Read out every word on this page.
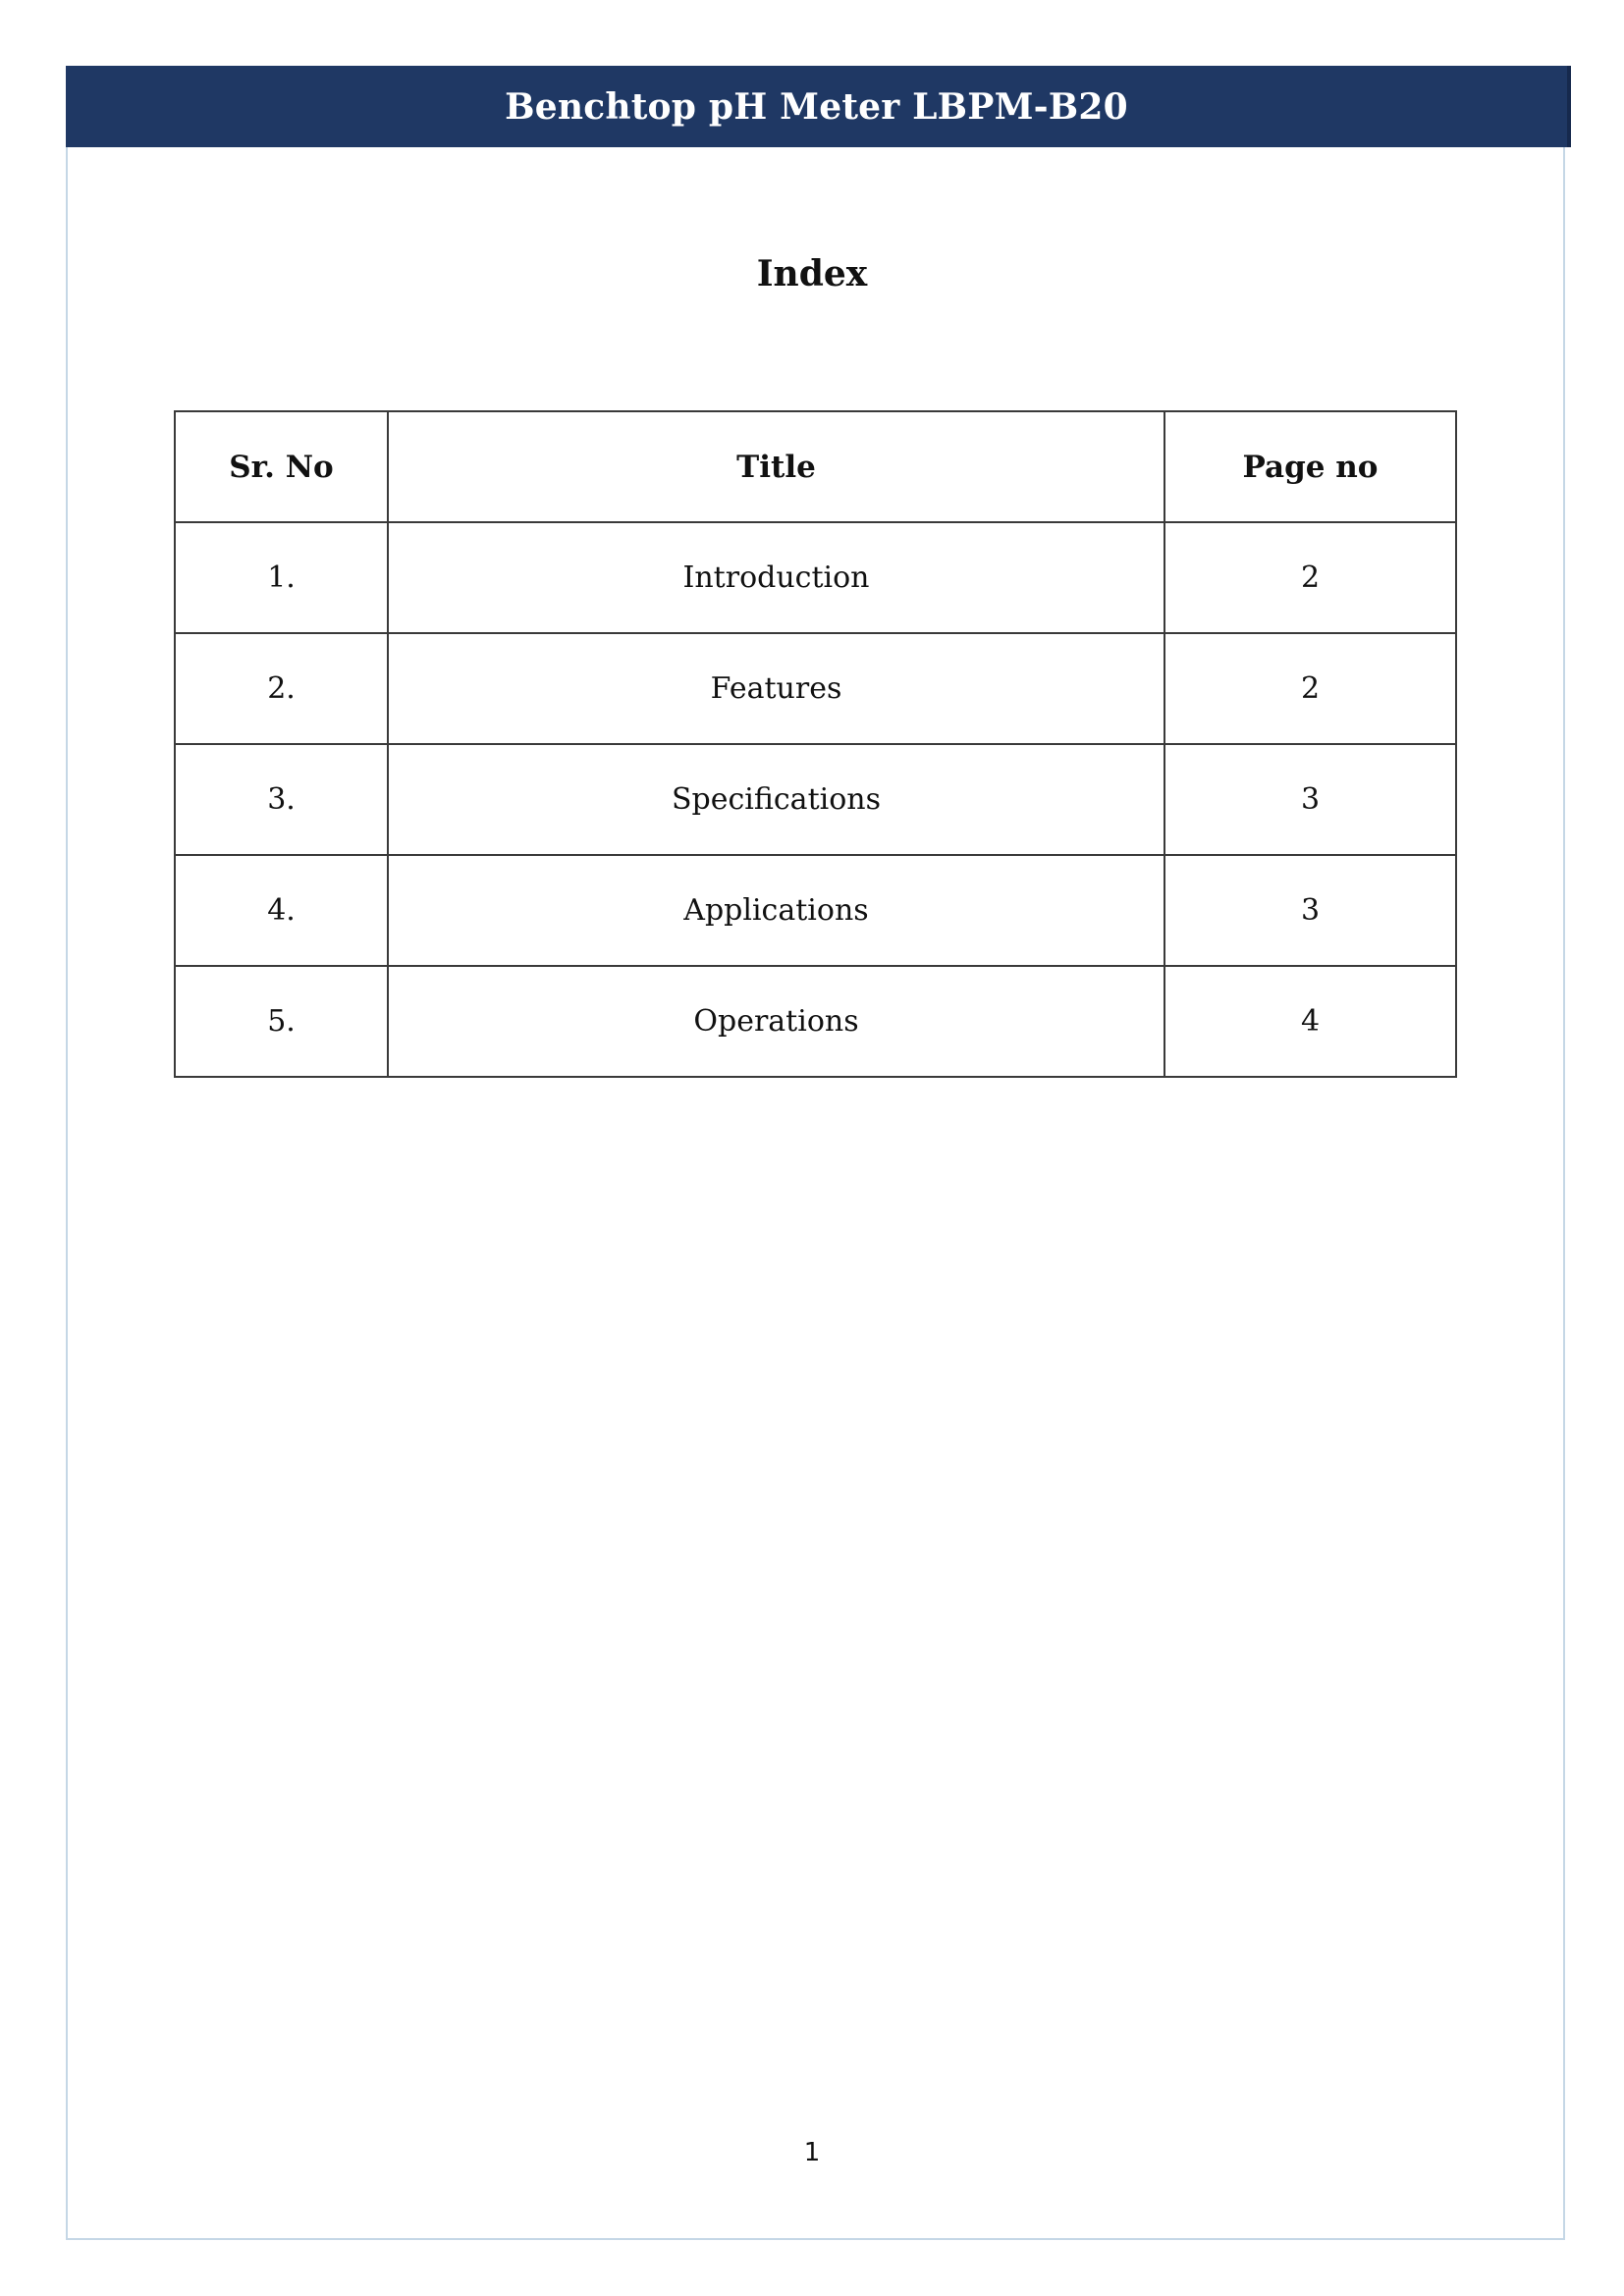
Benchtop pH Meter LBPM-B20
Index
Sr. No	Title	Page no
1.	Introduction	2
2.	Features	2
3.	Specifications	3
4.	Applications	3
5.	Operations	4
1
